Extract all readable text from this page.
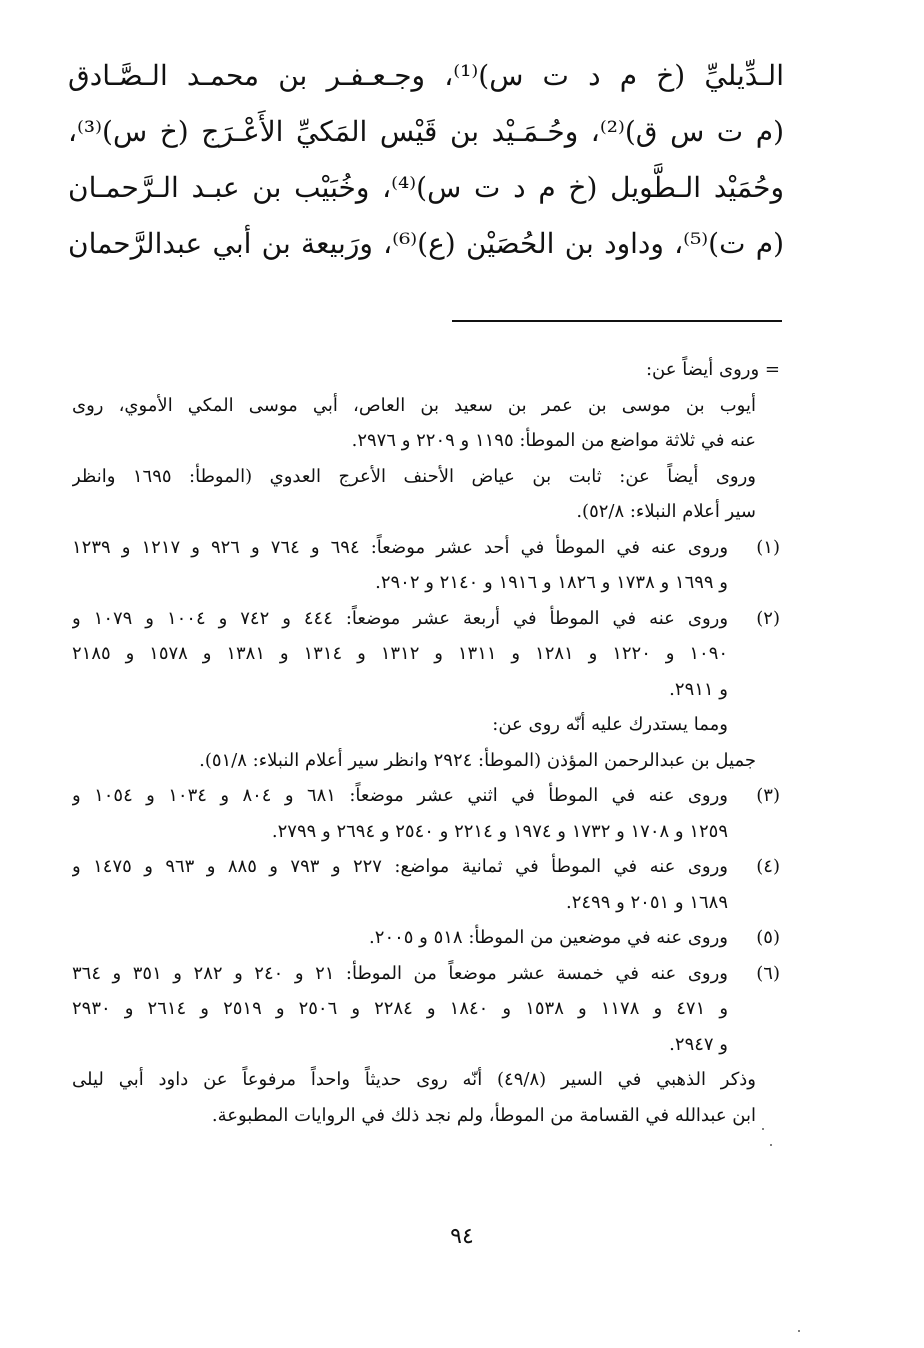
الـدِّيليِّ (خ م د ت س)⁽¹⁾، وجـعـفـر بن محمـد الـصَّـادق
(م ت س ق)⁽²⁾، وحُـمَـيْد بن قَيْس المَكيِّ الأَعْـرَج (خ س)⁽³⁾،
وحُمَيْد الـطَّويل (خ م د ت س)⁽⁴⁾، وخُبَيْب بن عبـد الـرَّحمـان
(م ت)⁽⁵⁾، وداود بن الحُصَيْن (ع)⁽⁶⁾، ورَبيعة بن أبي عبدالرَّحمان
= وروى أيضاً عن:
أيوب بن موسى بن عمر بن سعيد بن العاص، أبي موسى المكي الأموي، روى
عنه في ثلاثة مواضع من الموطأ: ١١٩٥ و ٢٢٠٩ و ٢٩٧٦.
وروى أيضاً عن: ثابت بن عياض الأحنف الأعرج العدوي (الموطأ: ١٦٩٥ وانظر
سير أعلام النبلاء: ٥٢/٨).
(١)
وروى عنه في الموطأ في أحد عشر موضعاً: ٦٩٤ و ٧٦٤ و ٩٢٦ و ١٢١٧ و ١٢٣٩
و ١٦٩٩ و ١٧٣٨ و ١٨٢٦ و ١٩١٦ و ٢١٤٠ و ٢٩٠٢.
(٢)
وروى عنه في الموطأ في أربعة عشر موضعاً: ٤٤٤ و ٧٤٢ و ١٠٠٤ و ١٠٧٩ و
١٠٩٠ و ١٢٢٠ و ١٢٨١ و ١٣١١ و ١٣١٢ و ١٣١٤ و ١٣٨١ و ١٥٧٨ و ٢١٨٥
و ٢٩١١.
ومما يستدرك عليه أنّه روى عن:
جميل بن عبدالرحمن المؤذن (الموطأ: ٢٩٢٤ وانظر سير أعلام النبلاء: ٥١/٨).
(٣)
وروى عنه في الموطأ في اثني عشر موضعاً: ٦٨١ و ٨٠٤ و ١٠٣٤ و ١٠٥٤ و
١٢٥٩ و ١٧٠٨ و ١٧٣٢ و ١٩٧٤ و ٢٢١٤ و ٢٥٤٠ و ٢٦٩٤ و ٢٧٩٩.
(٤)
وروى عنه في الموطأ في ثمانية مواضع: ٢٢٧ و ٧٩٣ و ٨٨٥ و ٩٦٣ و ١٤٧٥ و
١٦٨٩ و ٢٠٥١ و ٢٤٩٩.
(٥)
وروى عنه في موضعين من الموطأ: ٥١٨ و ٢٠٠٥.
(٦)
وروى عنه في خمسة عشر موضعاً من الموطأ: ٢١ و ٢٤٠ و ٢٨٢ و ٣٥١ و ٣٦٤
و ٤٧١ و ١١٧٨ و ١٥٣٨ و ١٨٤٠ و ٢٢٨٤ و ٢٥٠٦ و ٢٥١٩ و ٢٦١٤ و ٢٩٣٠
و ٢٩٤٧.
وذكر الذهبي في السير (٤٩/٨) أنّه روى حديثاً واحداً مرفوعاً عن داود أبي ليلى
ابن عبدالله في القسامة من الموطأ، ولم نجد ذلك في الروايات المطبوعة.
٩٤
